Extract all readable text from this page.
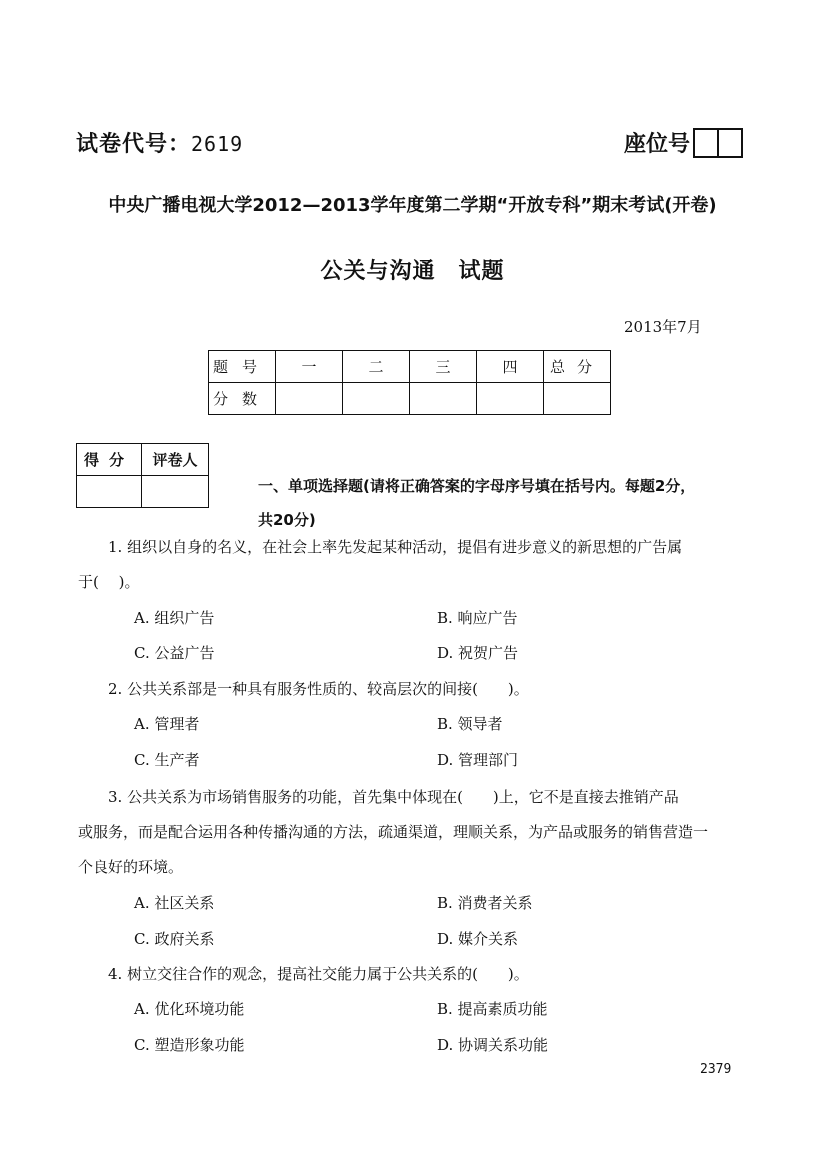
试卷代号：2619	座位号
中央广播电视大学2012—2013学年度第二学期“开放专科”期末考试(开卷)
公关与沟通　试题
2013年7月
题号	一	二	三	四	总分
分数					
得分	评卷人

一、单项选择题(请将正确答案的字母序号填在括号内。每题2分，
共20分)
1. 组织以自身的名义，在社会上率先发起某种活动，提倡有进步意义的新思想的广告属
于(　 )。
A. 组织广告	B. 响应广告
C. 公益广告	D. 祝贺广告
2. 公共关系部是一种具有服务性质的、较高层次的间接(　　)。
A. 管理者	B. 领导者
C. 生产者	D. 管理部门
3. 公共关系为市场销售服务的功能，首先集中体现在(　　)上，它不是直接去推销产品
或服务，而是配合运用各种传播沟通的方法，疏通渠道，理顺关系，为产品或服务的销售营造一
个良好的环境。
A. 社区关系	B. 消费者关系
C. 政府关系	D. 媒介关系
4. 树立交往合作的观念，提高社交能力属于公共关系的(　　)。
A. 优化环境功能	B. 提高素质功能
C. 塑造形象功能	D. 协调关系功能
2379
